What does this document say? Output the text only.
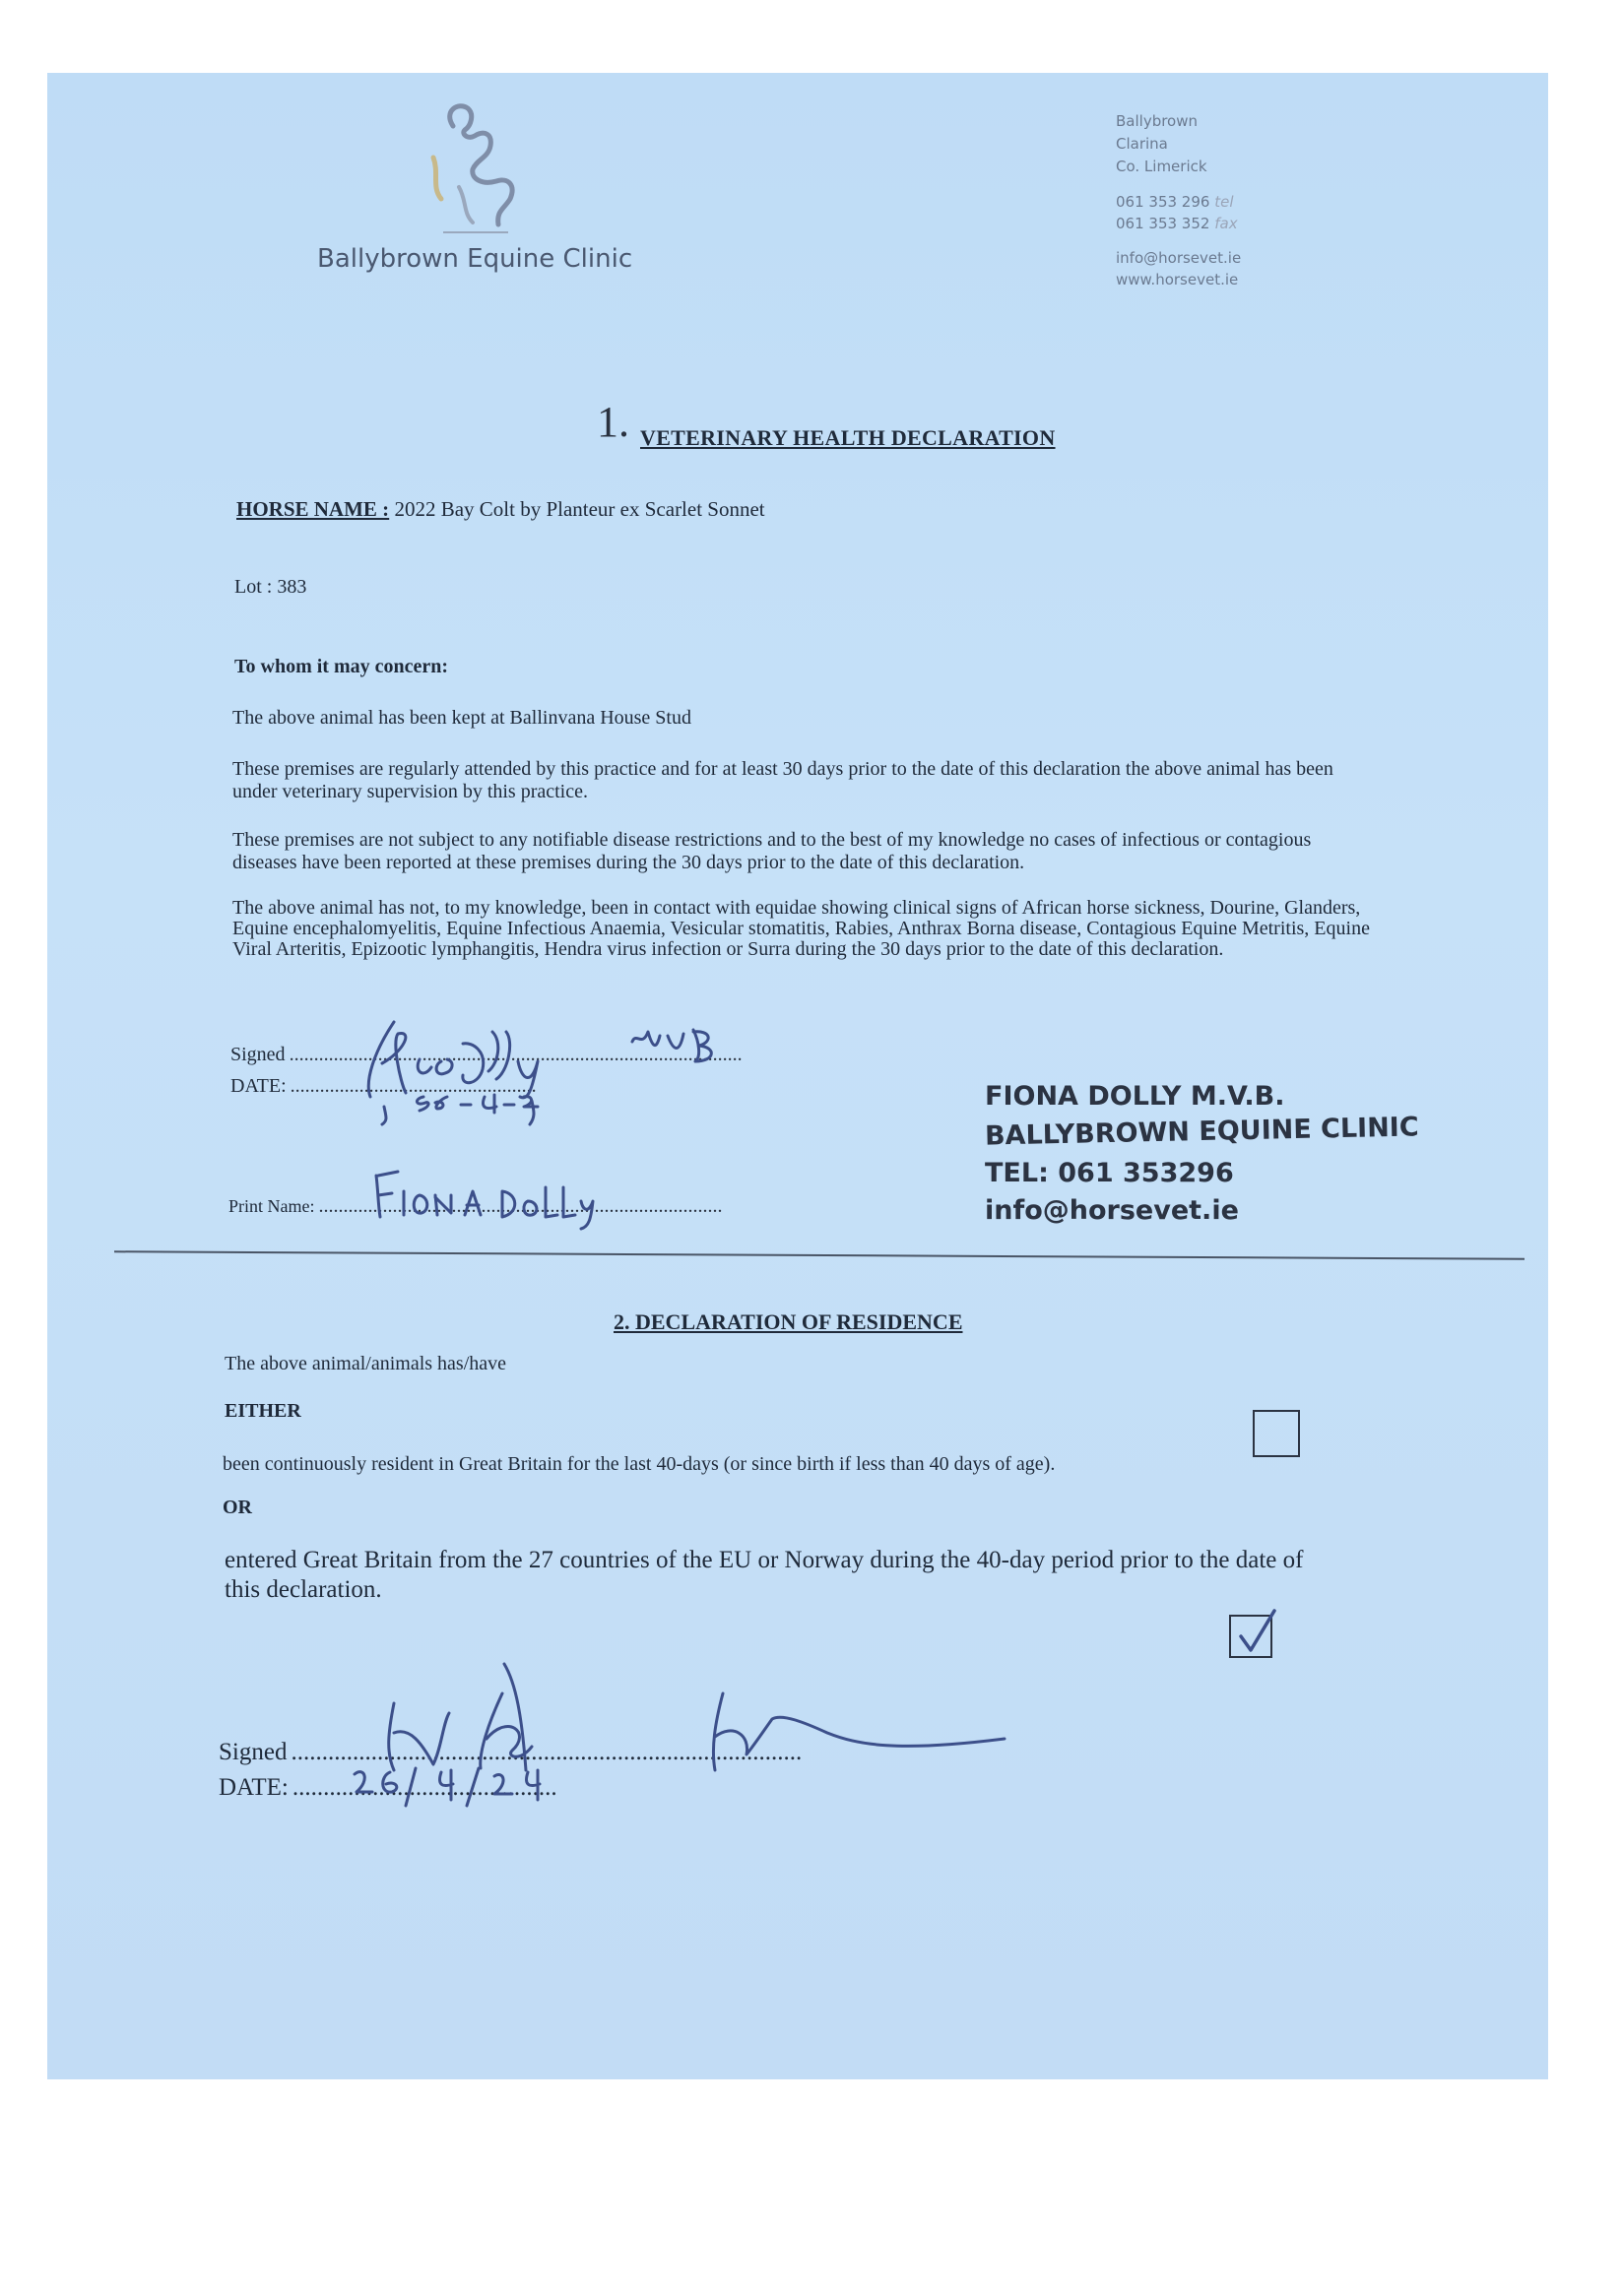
Ballybrown Equine Clinic
Ballybrown
Clarina
Co. Limerick
061 353 296 tel
061 353 352 fax
info@horsevet.ie
www.horsevet.ie
1. VETERINARY HEALTH DECLARATION
HORSE NAME : 2022 Bay Colt by Planteur ex Scarlet Sonnet
Lot : 383
To whom it may concern:
The above animal has been kept at Ballinvana House Stud
These premises are regularly attended by this practice and for at least 30 days prior to the date of this declaration the above animal has been under veterinary supervision by this practice.
These premises are not subject to any notifiable disease restrictions and to the best of my knowledge no cases of infectious or contagious diseases have been reported at these premises during the 30 days prior to the date of this declaration.
The above animal has not, to my knowledge, been in contact with equidae showing clinical signs of African horse sickness, Dourine, Glanders, Equine encephalomyelitis, Equine Infectious Anaemia, Vesicular stomatitis, Rabies, Anthrax Borna disease, Contagious Equine Metritis, Equine Viral Arteritis, Epizootic lymphangitis, Hendra virus infection or Surra during the 30 days prior to the date of this declaration.
Signed ............................................................................................
DATE: ..................................................
Print Name: ..................................................................................
FIONA DOLLY M.V.B.
BALLYBROWN EQUINE CLINIC
TEL: 061 353296
info@horsevet.ie
2. DECLARATION OF RESIDENCE
The above animal/animals has/have
EITHER
been continuously resident in Great Britain for the last 40-days (or since birth if less than 40 days of age).
OR
entered Great Britain from the 27 countries of the EU or Norway during the 40-day period prior to the date of this declaration.
Signed ...................................................................................
DATE: ...........................................
